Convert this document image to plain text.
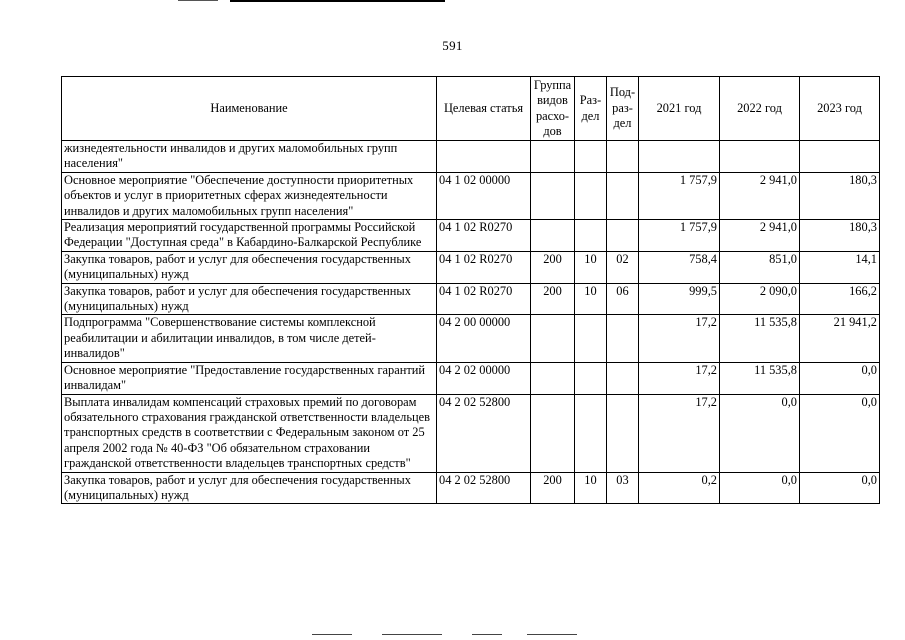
591
Наименование	Целевая статья	Группа видов расхо-дов	Раз-дел	Под-раз-дел	2021 год	2022 год	2023 год
жизнедеятельности инвалидов и других маломобильных групп населения"							
Основное мероприятие "Обеспечение доступности приоритетных объектов и услуг в приоритетных сферах жизнедеятельности инвалидов и других маломобильных групп населения"	04 1 02 00000				1 757,9	2 941,0	180,3
Реализация мероприятий государственной программы Российской Федерации "Доступная среда" в Кабардино-Балкарской Республике	04 1 02 R0270				1 757,9	2 941,0	180,3
Закупка товаров, работ и услуг для обеспечения государственных (муниципальных) нужд	04 1 02 R0270	200	10	02	758,4	851,0	14,1
Закупка товаров, работ и услуг для обеспечения государственных (муниципальных) нужд	04 1 02 R0270	200	10	06	999,5	2 090,0	166,2
Подпрограмма "Совершенствование системы комплексной реабилитации и абилитации инвалидов, в том числе детей-инвалидов"	04 2 00 00000				17,2	11 535,8	21 941,2
Основное мероприятие "Предоставление государственных гарантий инвалидам"	04 2 02 00000				17,2	11 535,8	0,0
Выплата инвалидам компенсаций страховых премий по договорам обязательного страхования гражданской ответственности владельцев транспортных средств в соответствии с Федеральным законом от 25 апреля 2002 года № 40-ФЗ "Об обязательном страховании гражданской ответственности владельцев транспортных средств"	04 2 02 52800				17,2	0,0	0,0
Закупка товаров, работ и услуг для обеспечения государственных (муниципальных) нужд	04 2 02 52800	200	10	03	0,2	0,0	0,0
